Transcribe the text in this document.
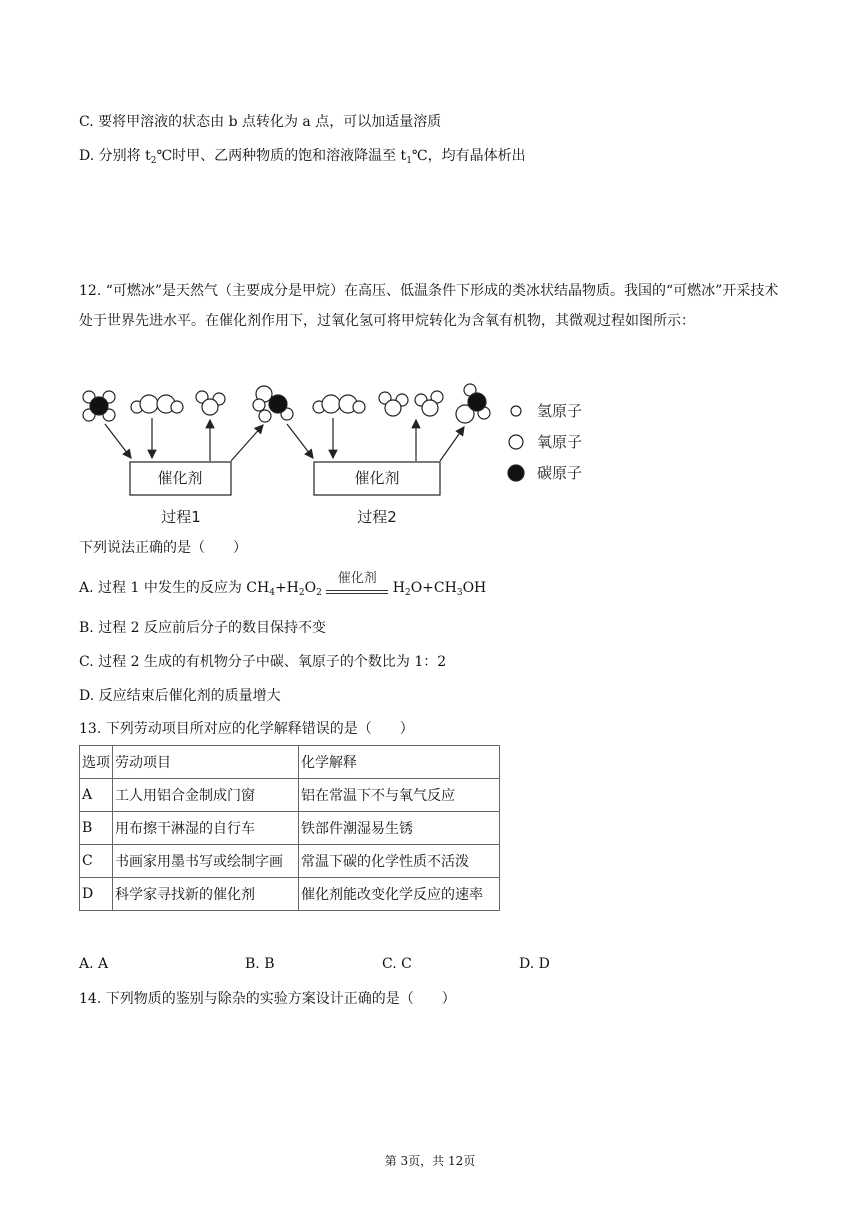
C. 要将甲溶液的状态由 b 点转化为 a 点，可以加适量溶质
D. 分别将 $t_2℃$时甲、乙两种物质的饱和溶液降温至 $t_1℃$，均有晶体析出
12. “可燃冰”是天然气（主要成分是甲烷）在高压、低温条件下形成的类冰状结晶物质。我国的“可燃冰”开采技术处于世界先进水平。在催化剂作用下，过氧化氢可将甲烷转化为含氧有机物，其微观过程如图所示：
催化剂	催化剂
过程1	过程2
氢原子
氧原子
碳原子
下列说法正确的是（　　）
A. 过程 1 中发生的反应为 $CH_4+H_2O_2$
催化剂
$H_2O+CH_3OH$
B. 过程 2 反应前后分子的数目保持不变
C. 过程 2 生成的有机物分子中碳、氧原子的个数比为 1：2
D. 反应结束后催化剂的质量增大
13. 下列劳动项目所对应的化学解释错误的是（　　）
选项	劳动项目	化学解释
A	工人用铝合金制成门窗	铝在常温下不与氧气反应
B	用布擦干淋湿的自行车	铁部件潮湿易生锈
C	书画家用墨书写或绘制字画	常温下碳的化学性质不活泼
D	科学家寻找新的催化剂	催化剂能改变化学反应的速率
A. A	B. B	C. C	D. D
14. 下列物质的鉴别与除杂的实验方案设计正确的是（　　）
第 3页，共 12页
